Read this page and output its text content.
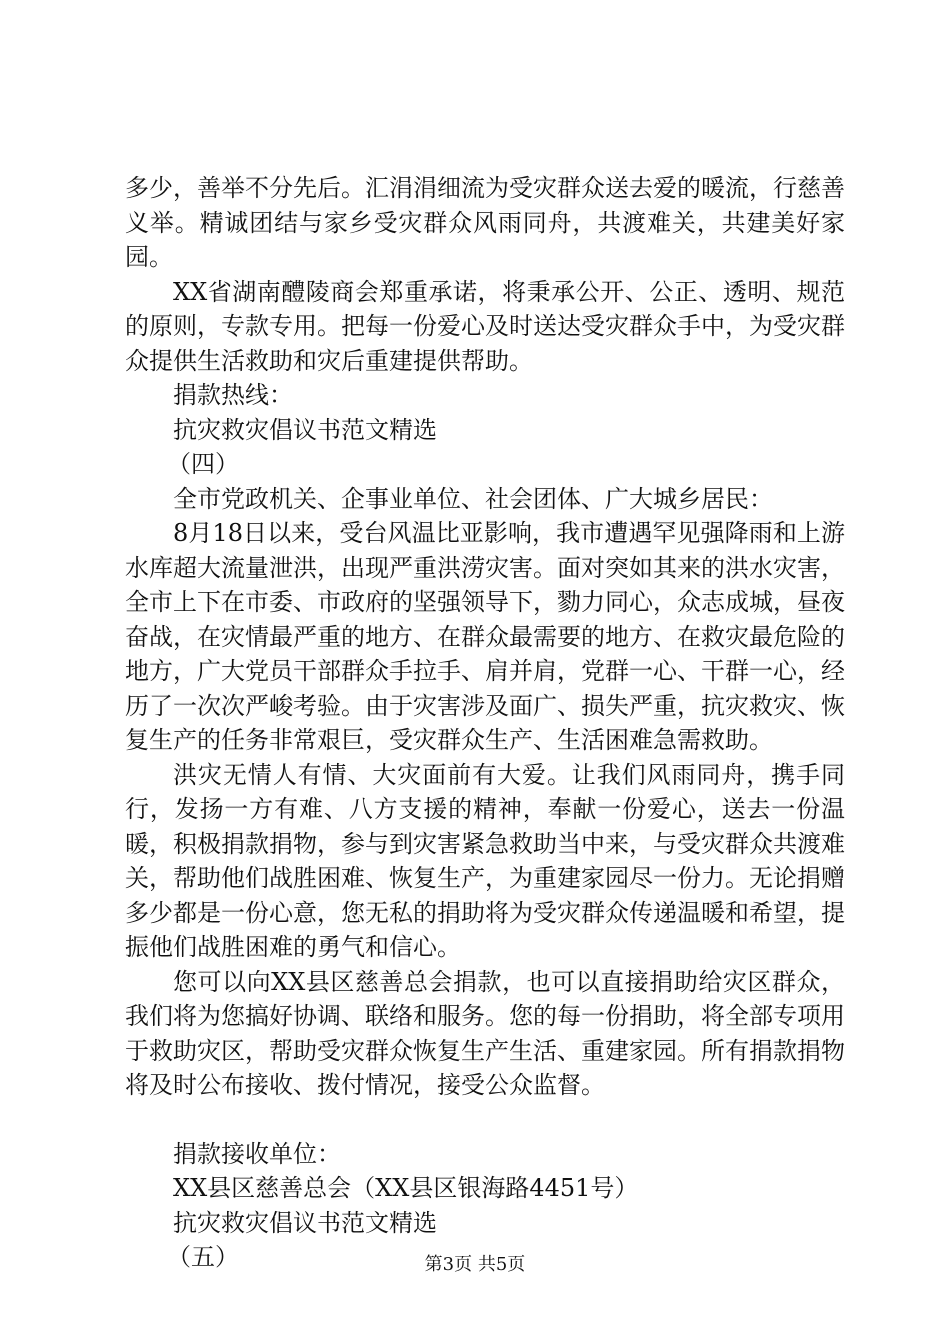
多少，善举不分先后。汇涓涓细流为受灾群众送去爱的暖流，行慈善义举。精诚团结与家乡受灾群众风雨同舟，共渡难关，共建美好家园。

XX省湖南醴陵商会郑重承诺，将秉承公开、公正、透明、规范的原则，专款专用。把每一份爱心及时送达受灾群众手中，为受灾群众提供生活救助和灾后重建提供帮助。

捐款热线：

抗灾救灾倡议书范文精选

（四）

全市党政机关、企事业单位、社会团体、广大城乡居民：

8月18日以来，受台风温比亚影响，我市遭遇罕见强降雨和上游水库超大流量泄洪，出现严重洪涝灾害。面对突如其来的洪水灾害，全市上下在市委、市政府的坚强领导下，勠力同心，众志成城，昼夜奋战，在灾情最严重的地方、在群众最需要的地方、在救灾最危险的地方，广大党员干部群众手拉手、肩并肩，党群一心、干群一心，经历了一次次严峻考验。由于灾害涉及面广、损失严重，抗灾救灾、恢复生产的任务非常艰巨，受灾群众生产、生活困难急需救助。

洪灾无情人有情、大灾面前有大爱。让我们风雨同舟，携手同行，发扬一方有难、八方支援的精神，奉献一份爱心，送去一份温暖，积极捐款捐物，参与到灾害紧急救助当中来，与受灾群众共渡难关，帮助他们战胜困难、恢复生产，为重建家园尽一份力。无论捐赠多少都是一份心意，您无私的捐助将为受灾群众传递温暖和希望，提振他们战胜困难的勇气和信心。

您可以向XX县区慈善总会捐款，也可以直接捐助给灾区群众，我们将为您搞好协调、联络和服务。您的每一份捐助，将全部专项用于救助灾区，帮助受灾群众恢复生产生活、重建家园。所有捐款捐物将及时公布接收、拨付情况，接受公众监督。

捐款接收单位：

XX县区慈善总会（XX县区银海路4451号）

抗灾救灾倡议书范文精选

（五）	第3页 共5页
